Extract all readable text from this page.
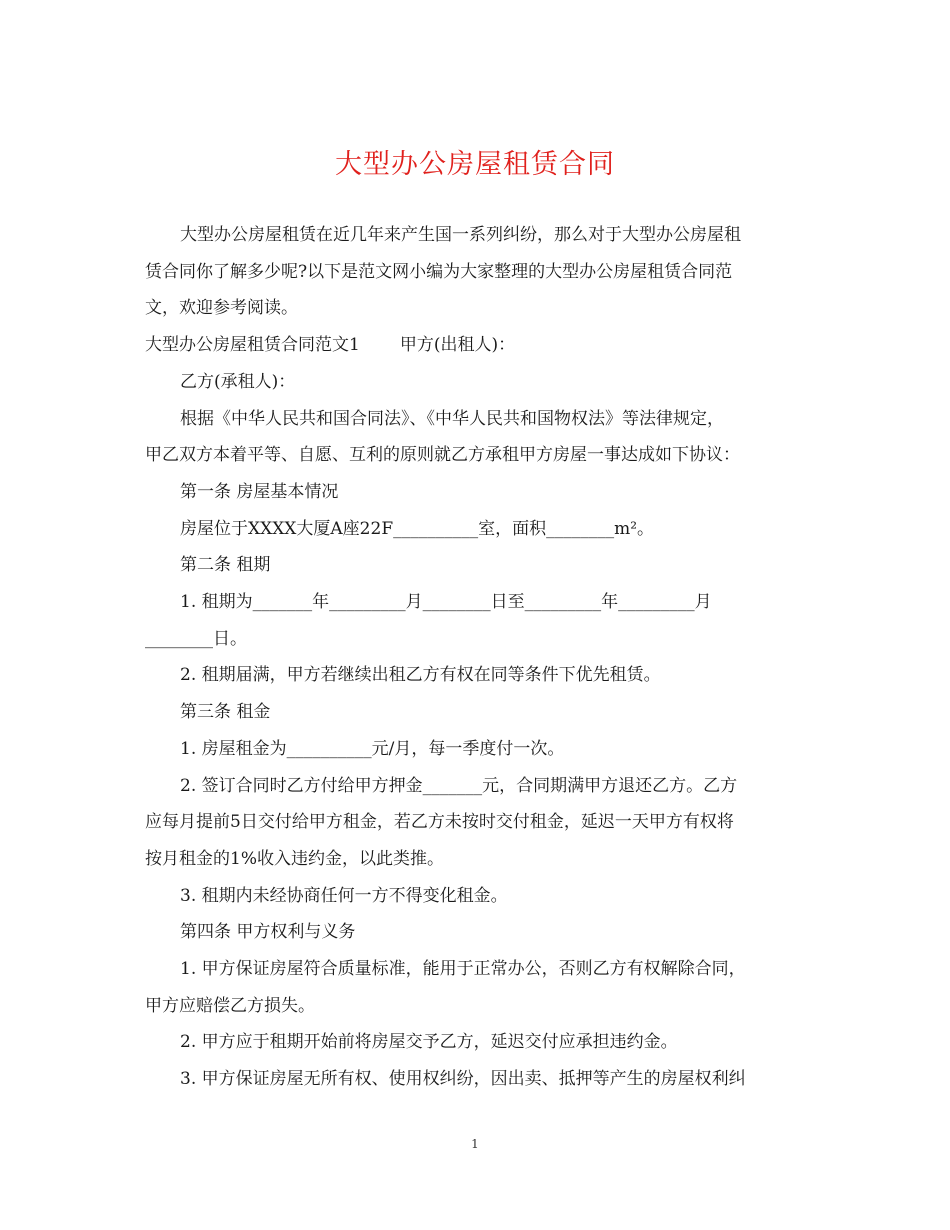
大型办公房屋租赁合同

大型办公房屋租赁在近几年来产生国一系列纠纷，那么对于大型办公房屋租

赁合同你了解多少呢?以下是范文网小编为大家整理的大型办公房屋租赁合同范

文，欢迎参考阅读。

大型办公房屋租赁合同范文1 甲方(出租人)：

乙方(承租人)：

根据《中华人民共和国合同法》、《中华人民共和国物权法》等法律规定，

甲乙双方本着平等、自愿、互利的原则就乙方承租甲方房屋一事达成如下协议：

第一条 房屋基本情况

房屋位于XXXX大厦A座22F__________室，面积________m²。

第二条 租期

1. 租期为_______年_________月________日至_________年_________月

________日。

2. 租期届满，甲方若继续出租乙方有权在同等条件下优先租赁。

第三条 租金

1. 房屋租金为__________元/月，每一季度付一次。

2. 签订合同时乙方付给甲方押金_______元，合同期满甲方退还乙方。乙方

应每月提前5日交付给甲方租金，若乙方未按时交付租金，延迟一天甲方有权将

按月租金的1%收入违约金，以此类推。

3. 租期内未经协商任何一方不得变化租金。

第四条 甲方权利与义务

1. 甲方保证房屋符合质量标准，能用于正常办公，否则乙方有权解除合同，

甲方应赔偿乙方损失。

2. 甲方应于租期开始前将房屋交予乙方，延迟交付应承担违约金。

3. 甲方保证房屋无所有权、使用权纠纷，因出卖、抵押等产生的房屋权利纠

1
